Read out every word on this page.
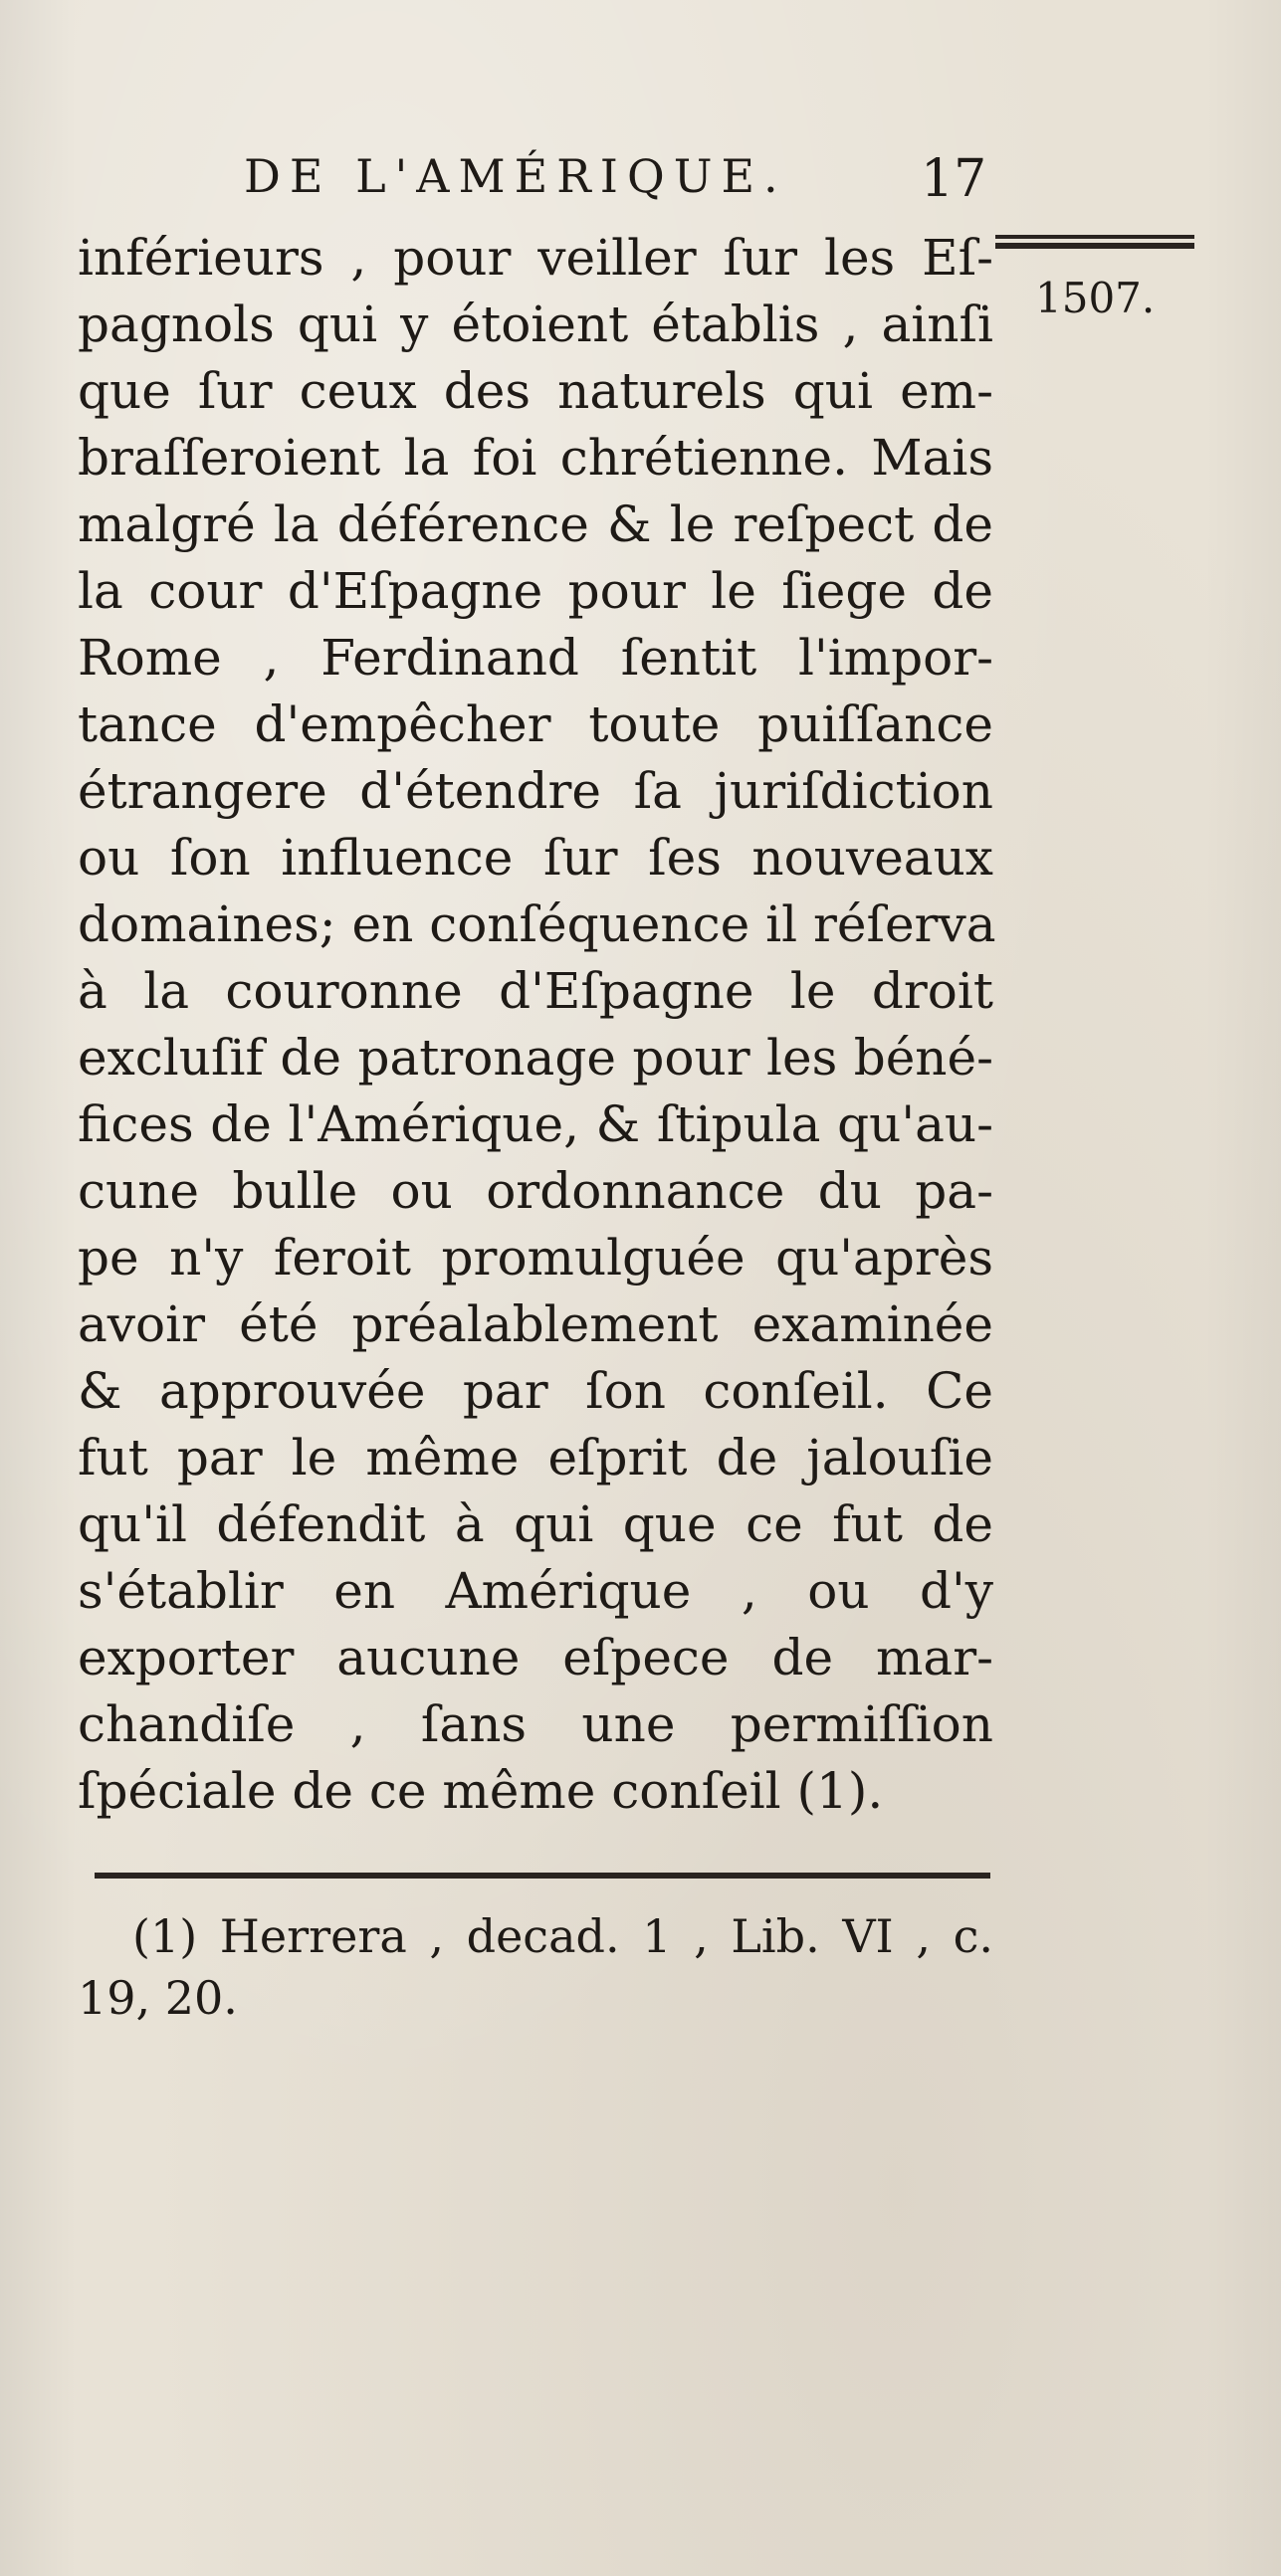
DE L'AMÉRIQUE.	17
1507.
inférieurs , pour veiller ſur les Eſ-
pagnols qui y étoient établis , ainſi
que ſur ceux des naturels qui em-
braſſeroient la foi chrétienne. Mais
malgré la déférence & le reſpect de
la cour d'Eſpagne pour le ſiege de
Rome , Ferdinand ſentit l'impor-
tance d'empêcher toute puiſſance
étrangere d'étendre ſa juriſdiction
ou ſon influence ſur ſes nouveaux
domaines; en conſéquence il réſerva
à la couronne d'Eſpagne le droit
excluſif de patronage pour les béné-
fices de l'Amérique, & ſtipula qu'au-
cune bulle ou ordonnance du pa-
pe n'y feroit promulguée qu'après
avoir été préalablement examinée
& approuvée par ſon conſeil. Ce
fut par le même eſprit de jalouſie
qu'il défendit à qui que ce fut de
s'établir en Amérique , ou d'y
exporter aucune eſpece de mar-
chandiſe , ſans une permiſſion
ſpéciale de ce même conſeil (1).
(1) Herrera , decad. 1 , Lib. VI , c.
19, 20.
